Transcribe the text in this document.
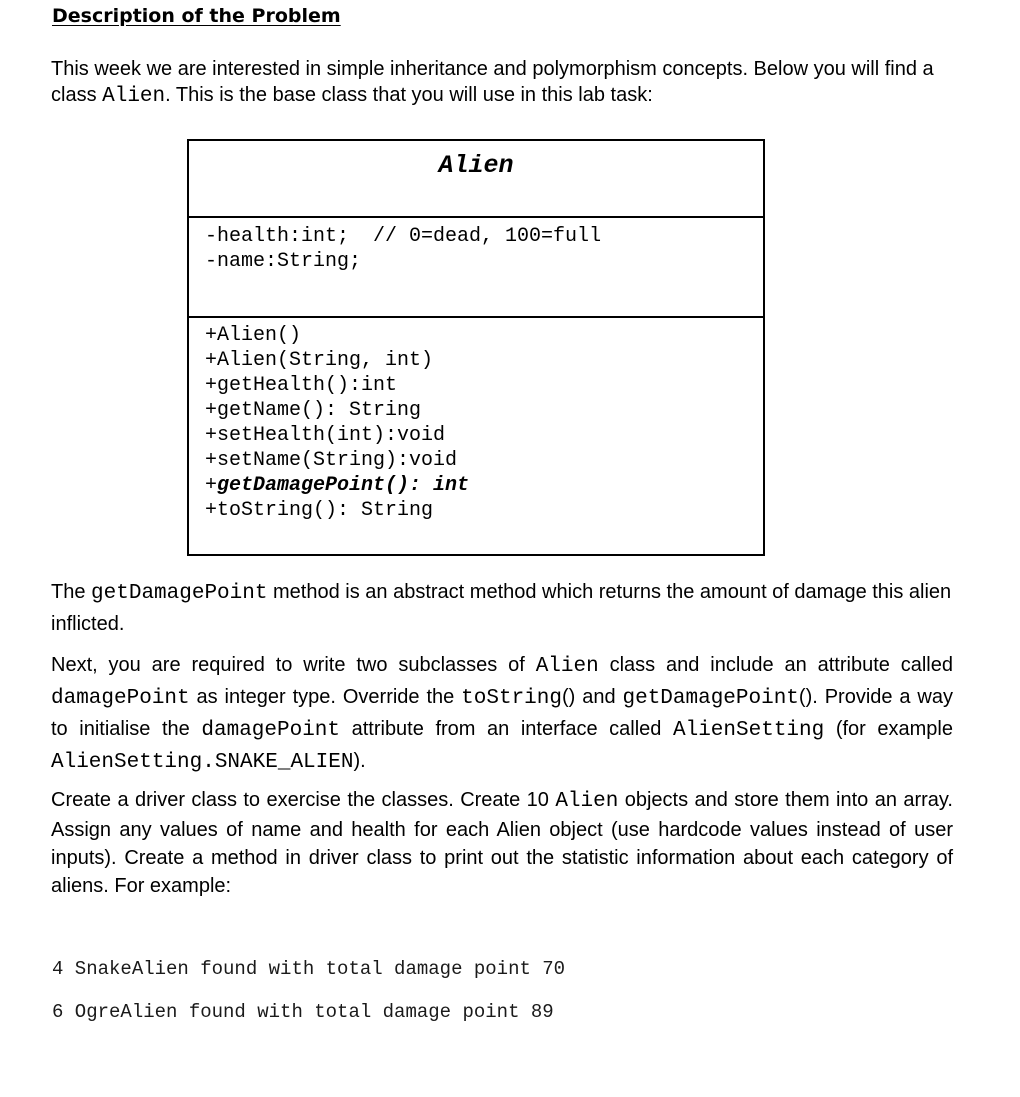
Description of the Problem

This week we are interested in simple inheritance and polymorphism concepts. Below you will find a class Alien. This is the base class that you will use in this lab task:

Alien
-health:int;  // 0=dead, 100=full
-name:String;
+Alien()
+Alien(String, int)
+getHealth():int
+getName(): String
+setHealth(int):void
+setName(String):void
+getDamagePoint(): int
+toString(): String

The getDamagePoint method is an abstract method which returns the amount of damage this alien inflicted.

Next, you are required to write two subclasses of Alien class and include an attribute called damagePoint as integer type. Override the toString() and getDamagePoint(). Provide a way to initialise the damagePoint attribute from an interface called AlienSetting (for example AlienSetting.SNAKE_ALIEN).

Create a driver class to exercise the classes. Create 10 Alien objects and store them into an array. Assign any values of name and health for each Alien object (use hardcode values instead of user inputs). Create a method in driver class to print out the statistic information about each category of aliens. For example:

4 SnakeAlien found with total damage point 70

6 OgreAlien found with total damage point 89
